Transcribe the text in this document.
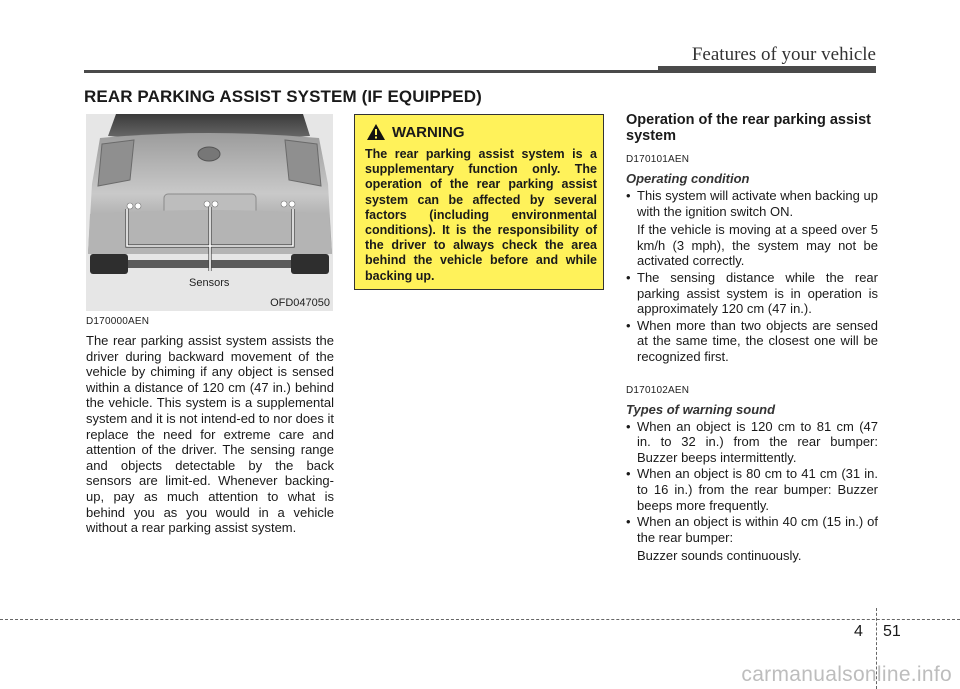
Features of your vehicle
REAR PARKING ASSIST SYSTEM (IF EQUIPPED)
Sensors
OFD047050
D170000AEN

The rear parking assist system assists the driver during backward movement of the vehicle by chiming if any object is sensed within a distance of 120 cm (47 in.) behind the vehicle. This system is a supplemental system and it is not intend-ed to nor does it replace the need for extreme care and attention of the driver. The sensing range and objects detectable by the back sensors are limit-ed. Whenever backing-up, pay as much attention to what is behind you as you would in a vehicle without a rear parking assist system.

WARNING

The rear parking assist system is a supplementary function only. The operation of the rear parking assist system can be affected by several factors (including environmental conditions). It is the responsibility of the driver to always check the area behind the vehicle before and while backing up.

Operation of the rear parking assist system
D170101AEN
Operating condition
• This system will activate when backing up with the ignition switch ON.
If the vehicle is moving at a speed over 5 km/h (3 mph), the system may not be activated correctly.
• The sensing distance while the rear parking assist system is in operation is approximately 120 cm (47 in.).
• When more than two objects are sensed at the same time, the closest one will be recognized first.
D170102AEN
Types of warning sound
• When an object is 120 cm to 81 cm (47 in. to 32 in.) from the rear bumper: Buzzer beeps intermittently.
• When an object is 80 cm to 41 cm (31 in. to 16 in.) from the rear bumper: Buzzer beeps more frequently.
• When an object is within 40 cm (15 in.) of the rear bumper:
Buzzer sounds continuously.
4 51
carmanualsonline.info
